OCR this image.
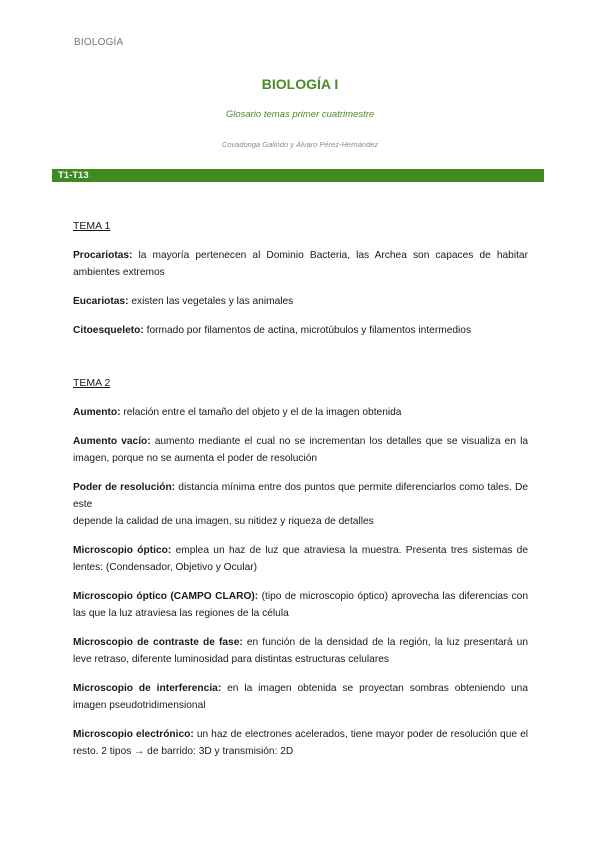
BIOLOGÍA
BIOLOGÍA I
Glosario temas primer cuatrimestre
Covadonga Galindo y Álvaro Pérez-Hernández
T1-T13

TEMA 1

Procariotas: la mayoría pertenecen al Dominio Bacteria, las Archea son capaces de habitar ambientes extremos

Eucariotas: existen las vegetales y las animales

Citoesqueleto: formado por filamentos de actina, microtúbulos y filamentos intermedios

TEMA 2

Aumento: relación entre el tamaño del objeto y el de la imagen obtenida

Aumento vacío: aumento mediante el cual no se incrementan los detalles que se visualiza en la imagen, porque no se aumenta el poder de resolución

Poder de resolución: distancia mínima entre dos puntos que permite diferenciarlos como tales. De este
depende la calidad de una imagen, su nitidez y riqueza de detalles

Microscopio óptico: emplea un haz de luz que atraviesa la muestra. Presenta tres sistemas de lentes: (Condensador, Objetivo y Ocular)

Microscopio óptico (CAMPO CLARO): (tipo de microscopio óptico) aprovecha las diferencias con las que la luz atraviesa las regiones de la célula

Microscopio de contraste de fase: en función de la densidad de la región, la luz presentará un leve retraso, diferente luminosidad para distintas estructuras celulares

Microscopio de interferencia: en la imagen obtenida se proyectan sombras obteniendo una imagen pseudotridimensional

Microscopio electrónico: un haz de electrones acelerados, tiene mayor poder de resolución que el resto. 2 tipos → de barrido: 3D y transmisión: 2D
